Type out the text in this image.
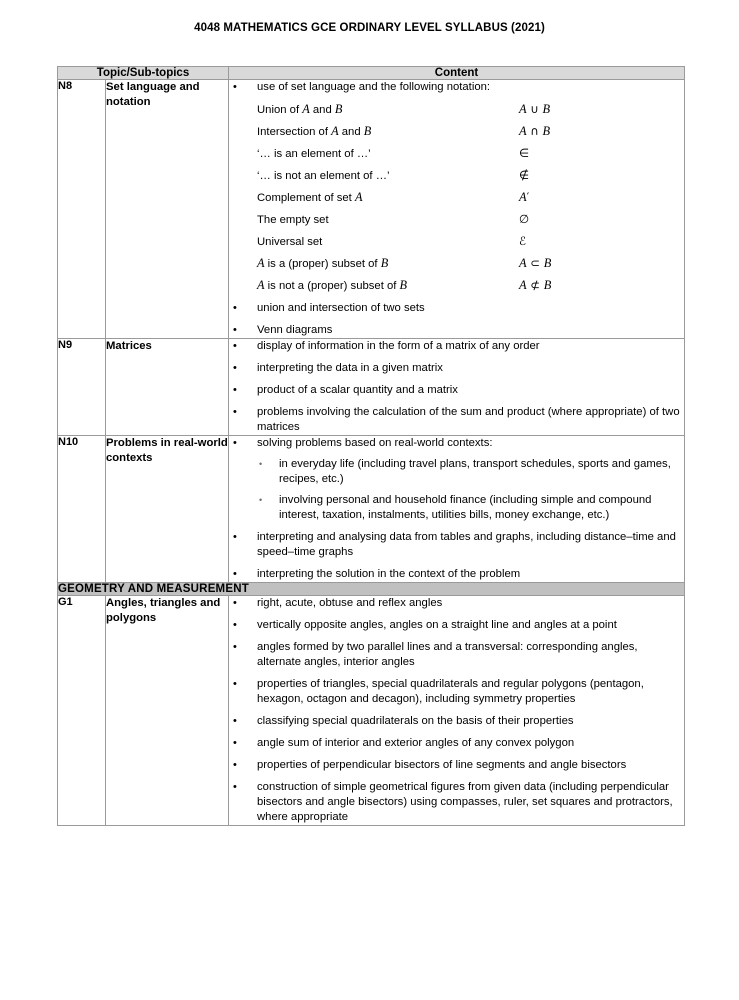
4048 MATHEMATICS GCE ORDINARY LEVEL SYLLABUS (2021)
Topic/Sub-topics		Content
N8	Set language and notation	
• use of set language and the following notation:
Union of A and B	A ∪ B
Intersection of A and B	A ∩ B
‘… is an element of …’	∈
‘… is not an element of …’	∉
Complement of set A	A′
The empty set	∅
Universal set	ℰ
A is a (proper) subset of B	A ⊂ B
A is not a (proper) subset of B	A ⊄ B
• union and intersection of two sets
• Venn diagrams

N9	Matrices	• display of information in the form of a matrix of any order
• interpreting the data in a given matrix
• product of a scalar quantity and a matrix
• problems involving the calculation of the sum and product (where appropriate) of two matrices

N10	Problems in real-world contexts	
• solving problems based on real-world contexts:
• in everyday life (including travel plans, transport schedules, sports and games, recipes, etc.)
• involving personal and household finance (including simple and compound interest, taxation, instalments, utilities bills, money exchange, etc.)
• interpreting and analysing data from tables and graphs, including distance–time and speed–time graphs
• interpreting the solution in the context of the problem

GEOMETRY AND MEASUREMENT		
G1	Angles, triangles and polygons	
• right, acute, obtuse and reflex angles
• vertically opposite angles, angles on a straight line and angles at a point
• angles formed by two parallel lines and a transversal: corresponding angles, alternate angles, interior angles
• properties of triangles, special quadrilaterals and regular polygons (pentagon, hexagon, octagon and decagon), including symmetry properties
• classifying special quadrilaterals on the basis of their properties
• angle sum of interior and exterior angles of any convex polygon
• properties of perpendicular bisectors of line segments and angle bisectors
• construction of simple geometrical figures from given data (including perpendicular bisectors and angle bisectors) using compasses, ruler, set squares and protractors, where appropriate
